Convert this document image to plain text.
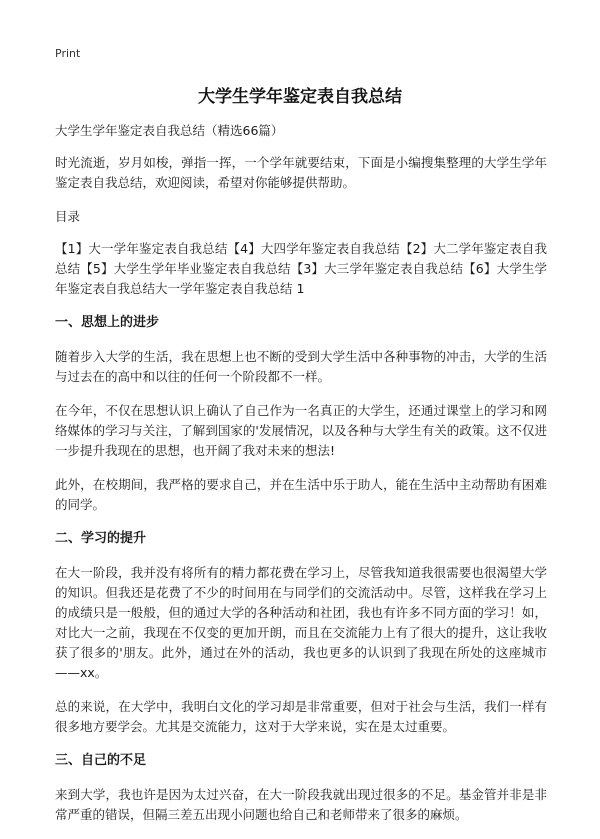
Print
大学生学年鉴定表自我总结

大学生学年鉴定表自我总结（精选66篇）

时光流逝，岁月如梭，弹指一挥，一个学年就要结束，下面是小编搜集整理的大学生学年鉴定表自我总结，欢迎阅读，希望对你能够提供帮助。

目录

【1】大一学年鉴定表自我总结【4】大四学年鉴定表自我总结【2】大二学年鉴定表自我总结【5】大学生学年毕业鉴定表自我总结【3】大三学年鉴定表自我总结【6】大学生学年鉴定表自我总结大一学年鉴定表自我总结 1

一、思想上的进步

随着步入大学的生活，我在思想上也不断的受到大学生活中各种事物的冲击，大学的生活与过去在的高中和以往的任何一个阶段都不一样。

在今年，不仅在思想认识上确认了自己作为一名真正的大学生，还通过课堂上的学习和网络媒体的学习与关注，了解到国家的'发展情况，以及各种与大学生有关的政策。这不仅进一步提升我现在的思想，也开阔了我对未来的想法!

此外，在校期间，我严格的要求自己，并在生活中乐于助人，能在生活中主动帮助有困难的同学。

二、学习的提升

在大一阶段，我并没有将所有的精力都花费在学习上，尽管我知道我很需要也很渴望大学的知识。但我还是花费了不少的时间用在与同学们的交流活动中。尽管，这样我在学习上的成绩只是一般般，但的通过大学的各种活动和社团，我也有许多不同方面的学习！如，对比大一之前，我现在不仅变的更加开朗，而且在交流能力上有了很大的提升，这让我收获了很多的'朋友。此外，通过在外的活动，我也更多的认识到了我现在所处的这座城市——xx。

总的来说，在大学中，我明白文化的学习却是非常重要，但对于社会与生活，我们一样有很多地方要学会。尤其是交流能力，这对于大学来说，实在是太过重要。

三、自己的不足

来到大学，我也许是因为太过兴奋，在大一阶段我就出现过很多的不足。基金管并非是非常严重的错误，但隔三差五出现小问题也给自己和老师带来了很多的麻烦。
